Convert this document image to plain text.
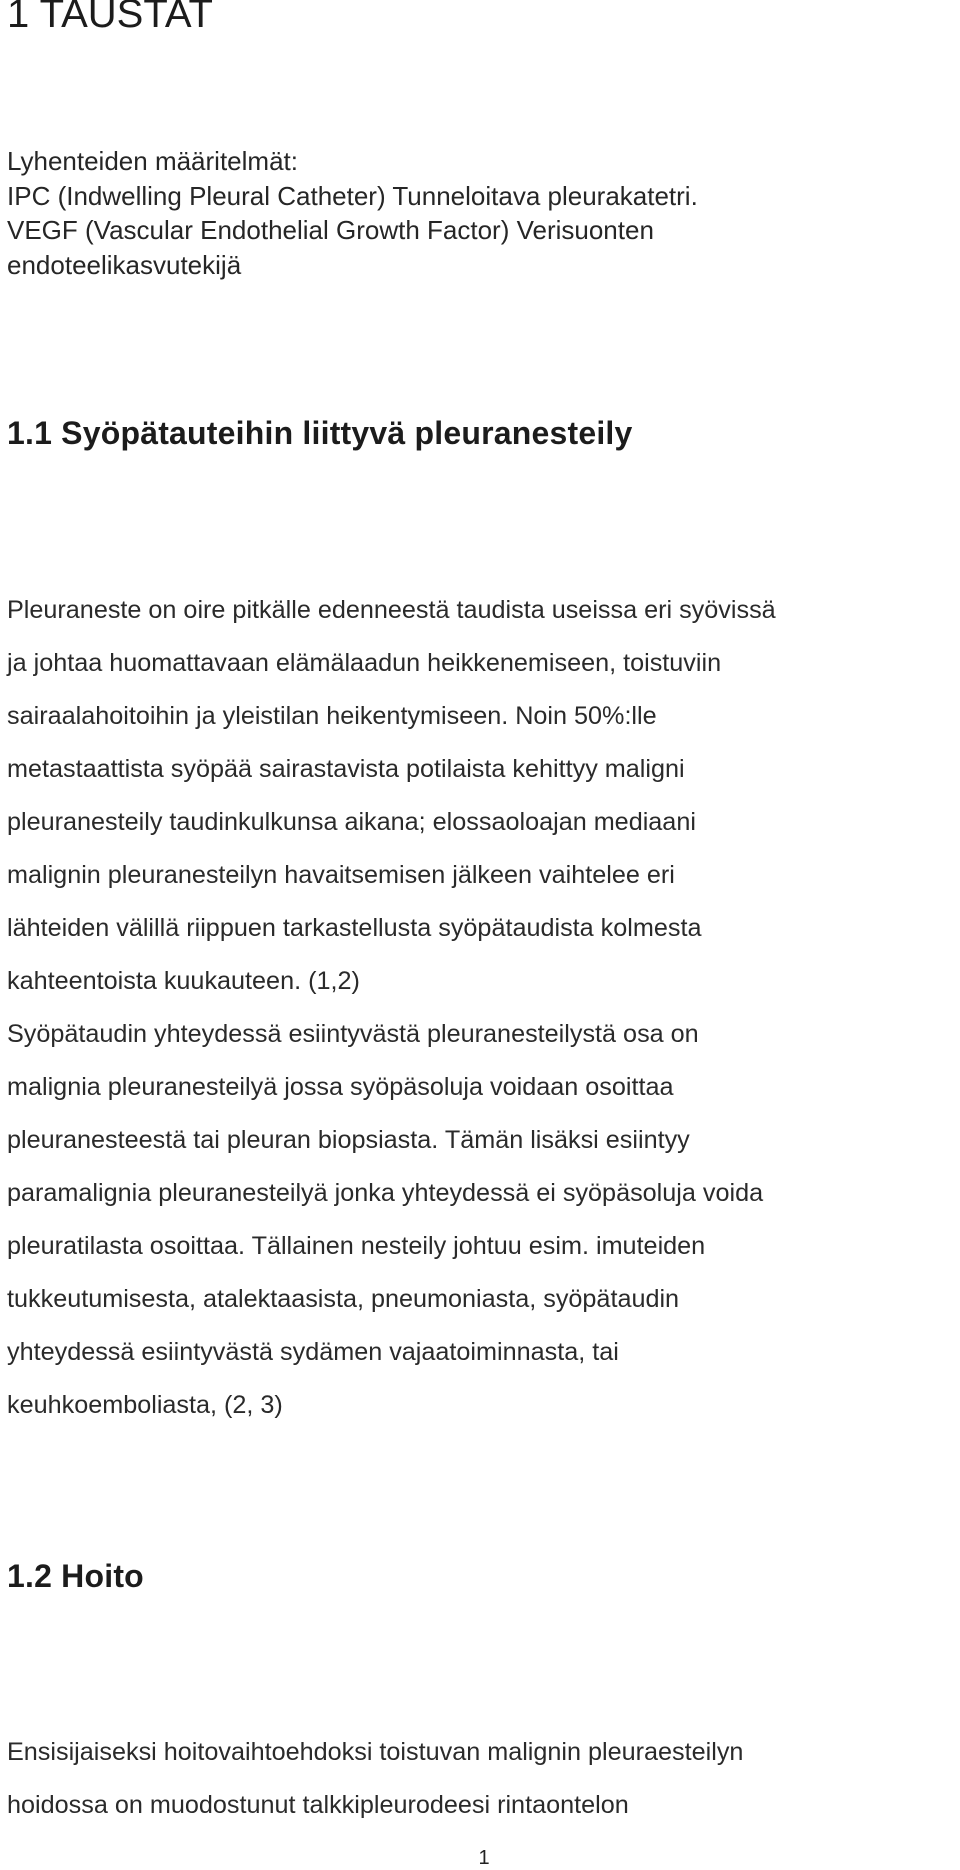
1 TAUSTAT
Lyhenteiden määritelmät:
IPC (Indwelling Pleural Catheter) Tunneloitava pleurakatetri.
VEGF (Vascular Endothelial Growth Factor) Verisuonten
endoteelikasvutekijä
1.1 Syöpätauteihin liittyvä pleuranesteily
Pleuraneste on oire pitkälle edenneestä taudista useissa eri syövissä
ja johtaa huomattavaan elämälaadun heikkenemiseen, toistuviin
sairaalahoitoihin ja yleistilan heikentymiseen. Noin 50%:lle
metastaattista syöpää sairastavista potilaista kehittyy maligni
pleuranesteily taudinkulkunsa aikana; elossaoloajan mediaani
malignin pleuranesteilyn havaitsemisen jälkeen vaihtelee eri
lähteiden välillä riippuen tarkastellusta syöpätaudista kolmesta
kahteentoista kuukauteen. (1,2)
Syöpätaudin yhteydessä esiintyvästä pleuranesteilystä osa on
malignia pleuranesteilyä jossa syöpäsoluja voidaan osoittaa
pleuranesteestä tai pleuran biopsiasta. Tämän lisäksi esiintyy
paramalignia pleuranesteilyä jonka yhteydessä ei syöpäsoluja voida
pleuratilasta osoittaa. Tällainen nesteily johtuu esim. imuteiden
tukkeutumisesta, atalektaasista, pneumoniasta, syöpätaudin
yhteydessä esiintyvästä sydämen vajaatoiminnasta, tai
keuhkoemboliasta, (2, 3)
1.2 Hoito
Ensisijaiseksi hoitovaihtoehdoksi toistuvan malignin pleuraesteilyn
hoidossa on muodostunut talkkipleurodeesi rintaontelon
1
